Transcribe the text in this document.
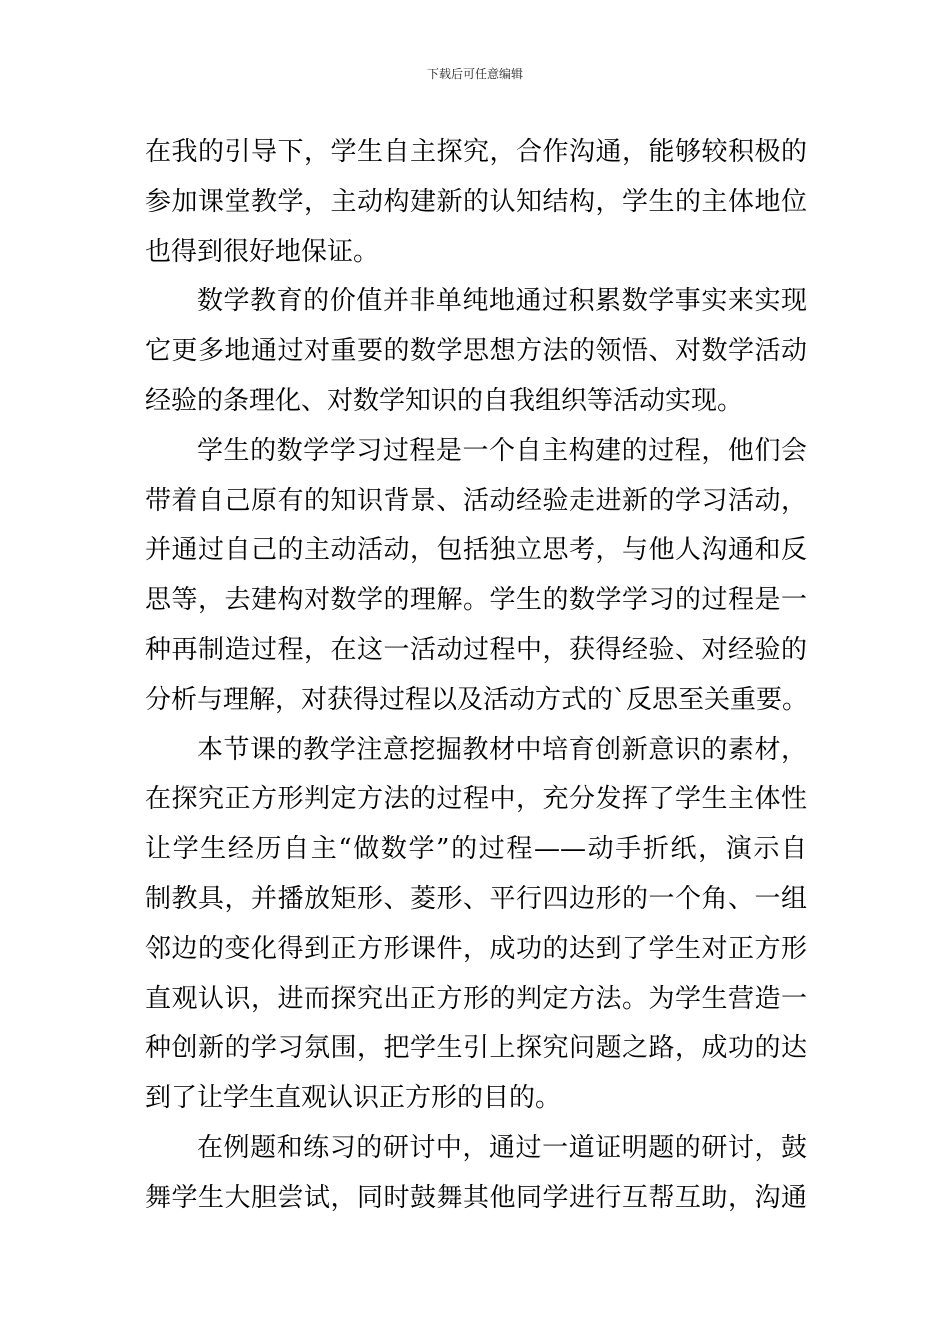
下载后可任意编辑
在我的引导下，学生自主探究，合作沟通，能够较积极的
参加课堂教学，主动构建新的认知结构，学生的主体地位
也得到很好地保证。
数学教育的价值并非单纯地通过积累数学事实来实现
它更多地通过对重要的数学思想方法的领悟、对数学活动
经验的条理化、对数学知识的自我组织等活动实现。
学生的数学学习过程是一个自主构建的过程，他们会
带着自己原有的知识背景、活动经验走进新的学习活动，
并通过自己的主动活动，包括独立思考，与他人沟通和反
思等，去建构对数学的理解。学生的数学学习的过程是一
种再制造过程，在这一活动过程中，获得经验、对经验的
分析与理解，对获得过程以及活动方式的`反思至关重要。
本节课的教学注意挖掘教材中培育创新意识的素材，
在探究正方形判定方法的过程中，充分发挥了学生主体性
让学生经历自主“做数学”的过程——动手折纸，演示自
制教具，并播放矩形、菱形、平行四边形的一个角、一组
邻边的变化得到正方形课件，成功的达到了学生对正方形
直观认识，进而探究出正方形的判定方法。为学生营造一
种创新的学习氛围，把学生引上探究问题之路，成功的达
到了让学生直观认识正方形的目的。
在例题和练习的研讨中，通过一道证明题的研讨，鼓
舞学生大胆尝试，同时鼓舞其他同学进行互帮互助，沟通
